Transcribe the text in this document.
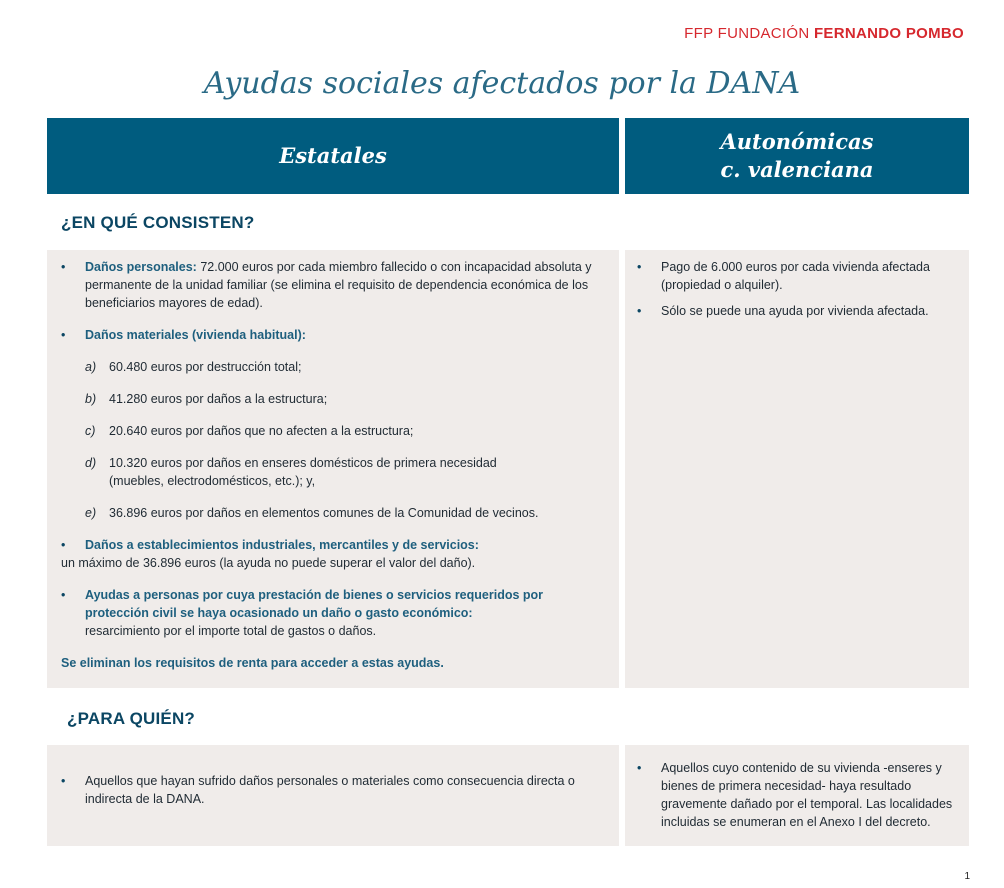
FFP FUNDACIÓN FERNANDO POMBO
Ayudas sociales afectados por la DANA
Estatales
Autonómicas
c. valenciana
¿EN QUÉ CONSISTEN?
• Daños personales: 72.000 euros por cada miembro fallecido o con incapacidad absoluta y permanente de la unidad familiar (se elimina el requisito de dependencia económica de los beneficiarios mayores de edad).
• Daños materiales (vivienda habitual):
a) 60.480 euros por destrucción total;
b) 41.280 euros por daños a la estructura;
c) 20.640 euros por daños que no afecten a la estructura;
d) 10.320 euros por daños en enseres domésticos de primera necesidad (muebles, electrodomésticos, etc.); y,
e) 36.896 euros por daños en elementos comunes de la Comunidad de vecinos.
• Daños a establecimientos industriales, mercantiles y de servicios:
un máximo de 36.896 euros (la ayuda no puede superar el valor del daño).
• Ayudas a personas por cuya prestación de bienes o servicios requeridos por protección civil se haya ocasionado un daño o gasto económico:
resarcimiento por el importe total de gastos o daños.
Se eliminan los requisitos de renta para acceder a estas ayudas.
• Pago de 6.000 euros por cada vivienda afectada (propiedad o alquiler).
• Sólo se puede una ayuda por vivienda afectada.
¿PARA QUIÉN?
• Aquellos que hayan sufrido daños personales o materiales como consecuencia directa o indirecta de la DANA.
• Aquellos cuyo contenido de su vivienda -enseres y bienes de primera necesidad- haya resultado gravemente dañado por el temporal. Las localidades incluidas se enumeran en el Anexo I del decreto.
1
